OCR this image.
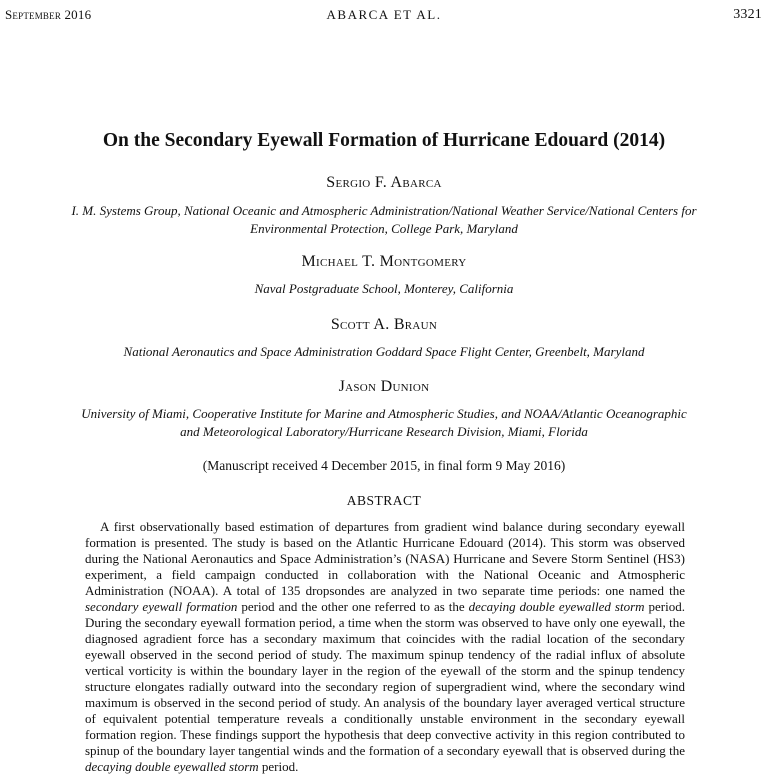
September 2016	ABARCA ET AL.	3321
On the Secondary Eyewall Formation of Hurricane Edouard (2014)
Sergio F. Abarca
I. M. Systems Group, National Oceanic and Atmospheric Administration/National Weather Service/National Centers for Environmental Protection, College Park, Maryland
Michael T. Montgomery
Naval Postgraduate School, Monterey, California
Scott A. Braun
National Aeronautics and Space Administration Goddard Space Flight Center, Greenbelt, Maryland
Jason Dunion
University of Miami, Cooperative Institute for Marine and Atmospheric Studies, and NOAA/Atlantic Oceanographic and Meteorological Laboratory/Hurricane Research Division, Miami, Florida
(Manuscript received 4 December 2015, in final form 9 May 2016)
ABSTRACT
A first observationally based estimation of departures from gradient wind balance during secondary eyewall formation is presented. The study is based on the Atlantic Hurricane Edouard (2014). This storm was observed during the National Aeronautics and Space Administration’s (NASA) Hurricane and Severe Storm Sentinel (HS3) experiment, a field campaign conducted in collaboration with the National Oceanic and Atmospheric Administration (NOAA). A total of 135 dropsondes are analyzed in two separate time periods: one named the secondary eyewall formation period and the other one referred to as the decaying double eyewalled storm period. During the secondary eyewall formation period, a time when the storm was observed to have only one eyewall, the diagnosed agradient force has a secondary maximum that coincides with the radial location of the secondary eyewall observed in the second period of study. The maximum spinup tendency of the radial influx of absolute vertical vorticity is within the boundary layer in the region of the eyewall of the storm and the spinup tendency structure elongates radially outward into the secondary region of supergradient wind, where the secondary wind maximum is observed in the second period of study. An analysis of the boundary layer averaged vertical structure of equivalent potential temperature reveals a conditionally unstable environment in the secondary eyewall formation region. These findings support the hypothesis that deep convective activity in this region contributed to spinup of the boundary layer tangential winds and the formation of a secondary eyewall that is observed during the decaying double eyewalled storm period.
